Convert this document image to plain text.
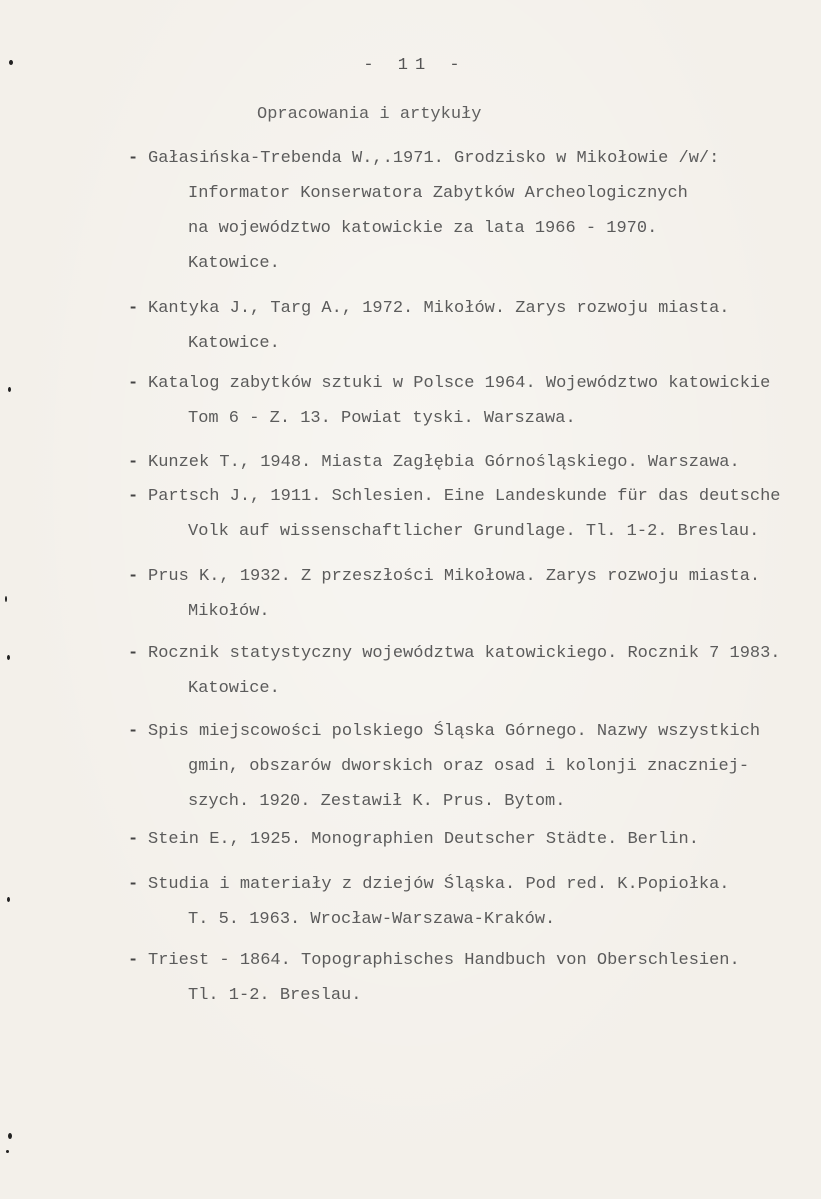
- 11 -
Opracowania i artykuły
- Gałasińska-Trebenda W.,.1971. Grodzisko w Mikołowie /w/:
Informator Konserwatora Zabytków Archeologicznych
na województwo katowickie za lata 1966 - 1970.
Katowice.
- Kantyka J., Targ A., 1972. Mikołów. Zarys rozwoju miasta.
Katowice.
- Katalog zabytków sztuki w Polsce 1964. Województwo katowickie
Tom 6 - Z. 13. Powiat tyski. Warszawa.
- Kunzek T., 1948. Miasta Zagłębia Górnośląskiego. Warszawa.
- Partsch J., 1911. Schlesien. Eine Landeskunde für das deutsche
Volk auf wissenschaftlicher Grundlage. Tl. 1-2. Breslau.
- Prus K., 1932. Z przeszłości Mikołowa. Zarys rozwoju miasta.
Mikołów.
- Rocznik statystyczny województwa katowickiego. Rocznik 7 1983.
Katowice.
- Spis miejscowości polskiego Śląska Górnego. Nazwy wszystkich
gmin, obszarów dworskich oraz osad i kolonji znaczniej-
szych. 1920. Zestawił K. Prus. Bytom.
- Stein E., 1925. Monographien Deutscher Städte. Berlin.
- Studia i materiały z dziejów Śląska. Pod red. K.Popiołka.
T. 5. 1963. Wrocław-Warszawa-Kraków.
- Triest - 1864. Topographisches Handbuch von Oberschlesien.
Tl. 1-2. Breslau.
